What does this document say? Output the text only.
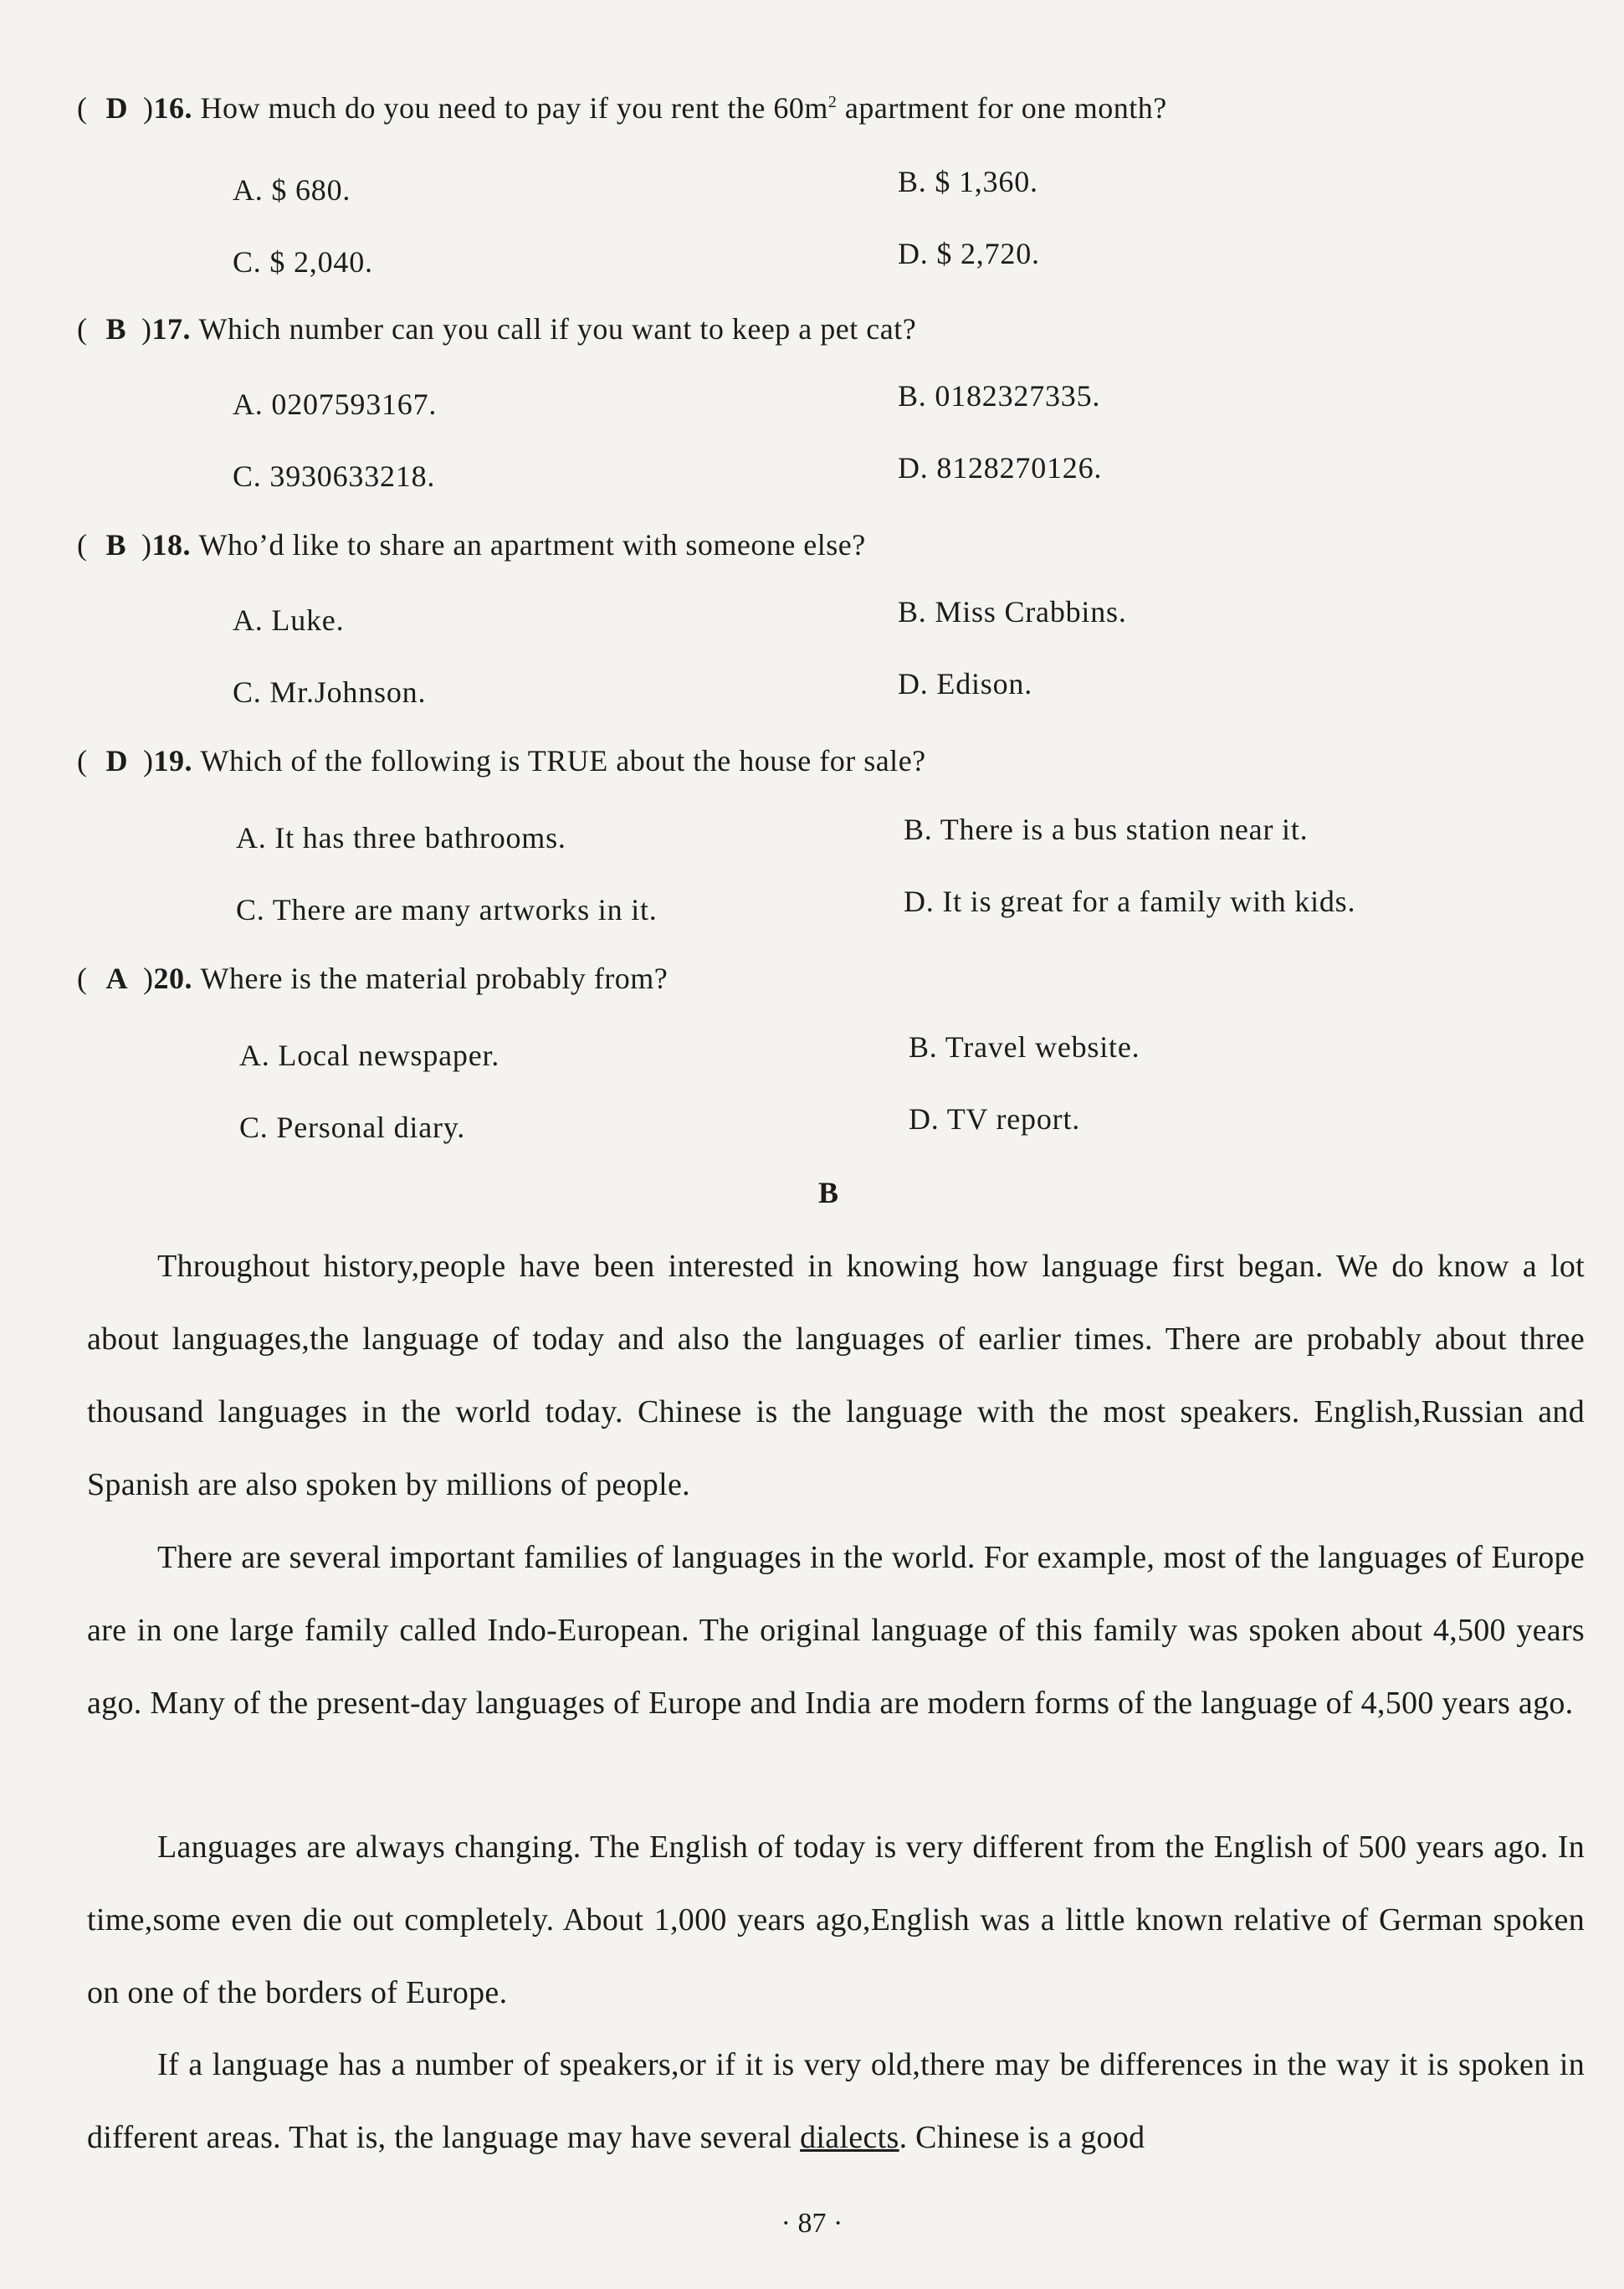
( D )16. How much do you need to pay if you rent the $60m^2$ apartment for one month?
A. $ 680.	B. $ 1,360.
C. $ 2,040.	D. $ 2,720.
( B )17. Which number can you call if you want to keep a pet cat?
A. 0207593167.	B. 0182327335.
C. 3930633218.	D. 8128270126.
( B )18. Who’d like to share an apartment with someone else?
A. Luke.	B. Miss Crabbins.
C. Mr.Johnson.	D. Edison.
( D )19. Which of the following is TRUE about the house for sale?
A. It has three bathrooms.	B. There is a bus station near it.
C. There are many artworks in it.	D. It is great for a family with kids.
( A )20. Where is the material probably from?
A. Local newspaper.	B. Travel website.
C. Personal diary.	D. TV report.
B

Throughout history,people have been interested in knowing how language first began. We do know a lot about languages,the language of today and also the languages of earlier times. There are probably about three thousand languages in the world today. Chinese is the language with the most speakers. English,Russian and Spanish are also spoken by millions of people.

There are several important families of languages in the world. For example, most of the languages of Europe are in one large family called Indo-European. The original language of this family was spoken about 4,500 years ago. Many of the present-day languages of Europe and India are modern forms of the language of 4,500 years ago.

Languages are always changing. The English of today is very different from the English of 500 years ago. In time,some even die out completely. About 1,000 years ago,English was a little known relative of German spoken on one of the borders of Europe.

If a language has a number of speakers,or if it is very old,there may be differences in the way it is spoken in different areas. That is, the language may have several dialects. Chinese is a good

· 87 ·
